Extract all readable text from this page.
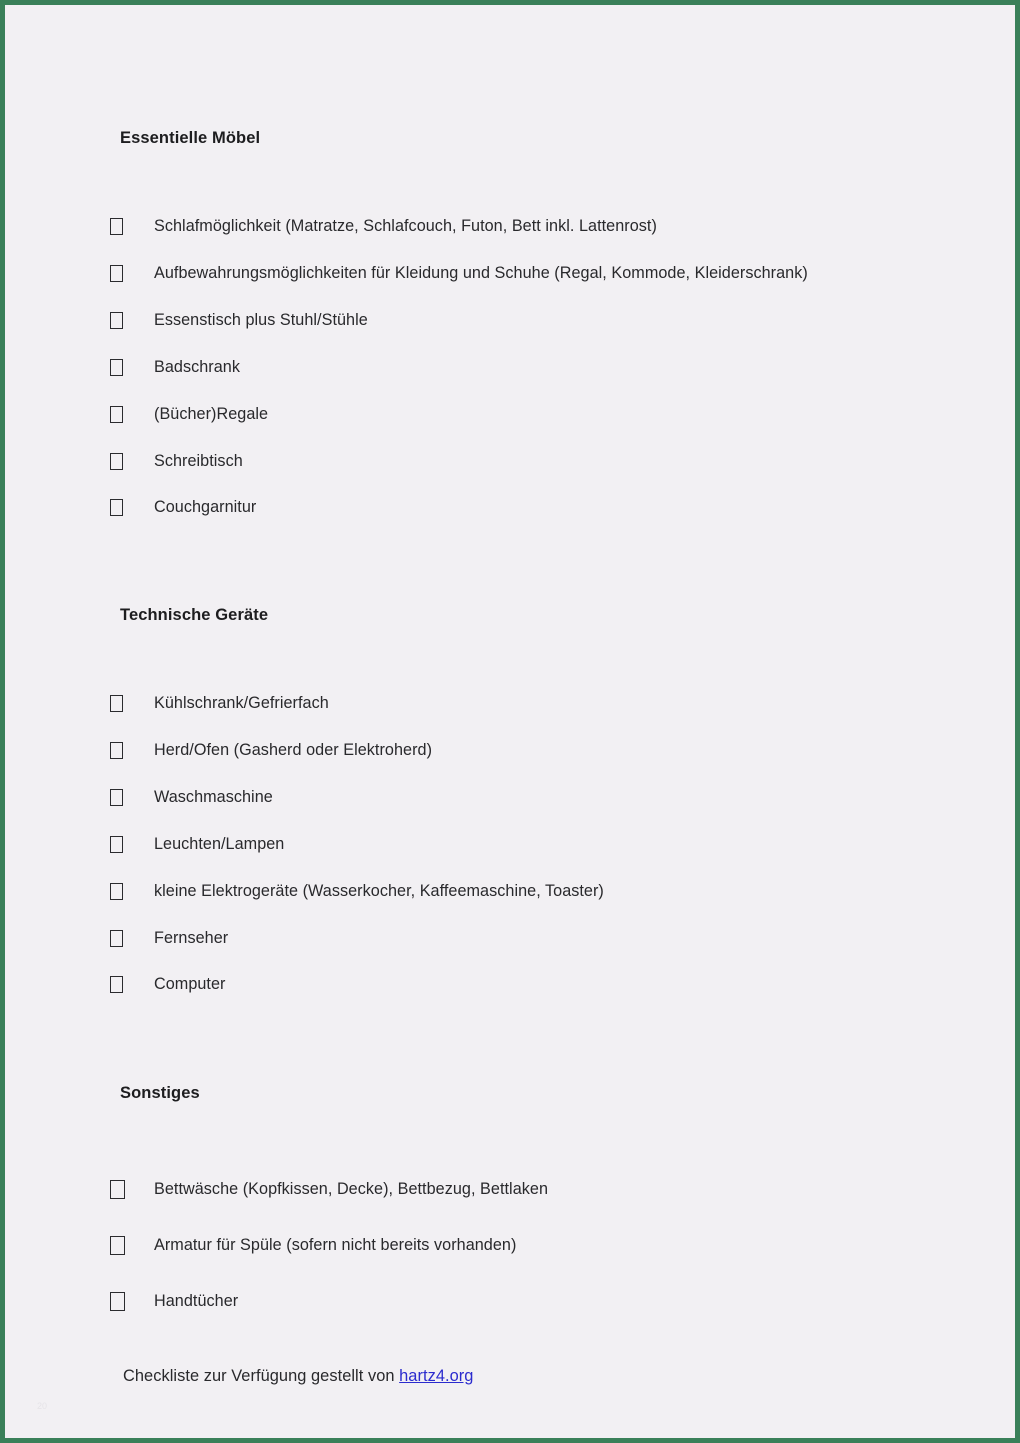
Essentielle Möbel
Schlafmöglichkeit (Matratze, Schlafcouch, Futon, Bett inkl. Lattenrost)
Aufbewahrungsmöglichkeiten für Kleidung und Schuhe (Regal, Kommode, Kleiderschrank)
Essenstisch plus Stuhl/Stühle
Badschrank
(Bücher)Regale
Schreibtisch
Couchgarnitur
Technische Geräte
Kühlschrank/Gefrierfach
Herd/Ofen (Gasherd oder Elektroherd)
Waschmaschine
Leuchten/Lampen
kleine Elektrogeräte (Wasserkocher, Kaffeemaschine, Toaster)
Fernseher
Computer
Sonstiges
Bettwäsche (Kopfkissen, Decke), Bettbezug, Bettlaken
Armatur für Spüle (sofern nicht bereits vorhanden)
Handtücher
Checkliste zur Verfügung gestellt von hartz4.org
20
